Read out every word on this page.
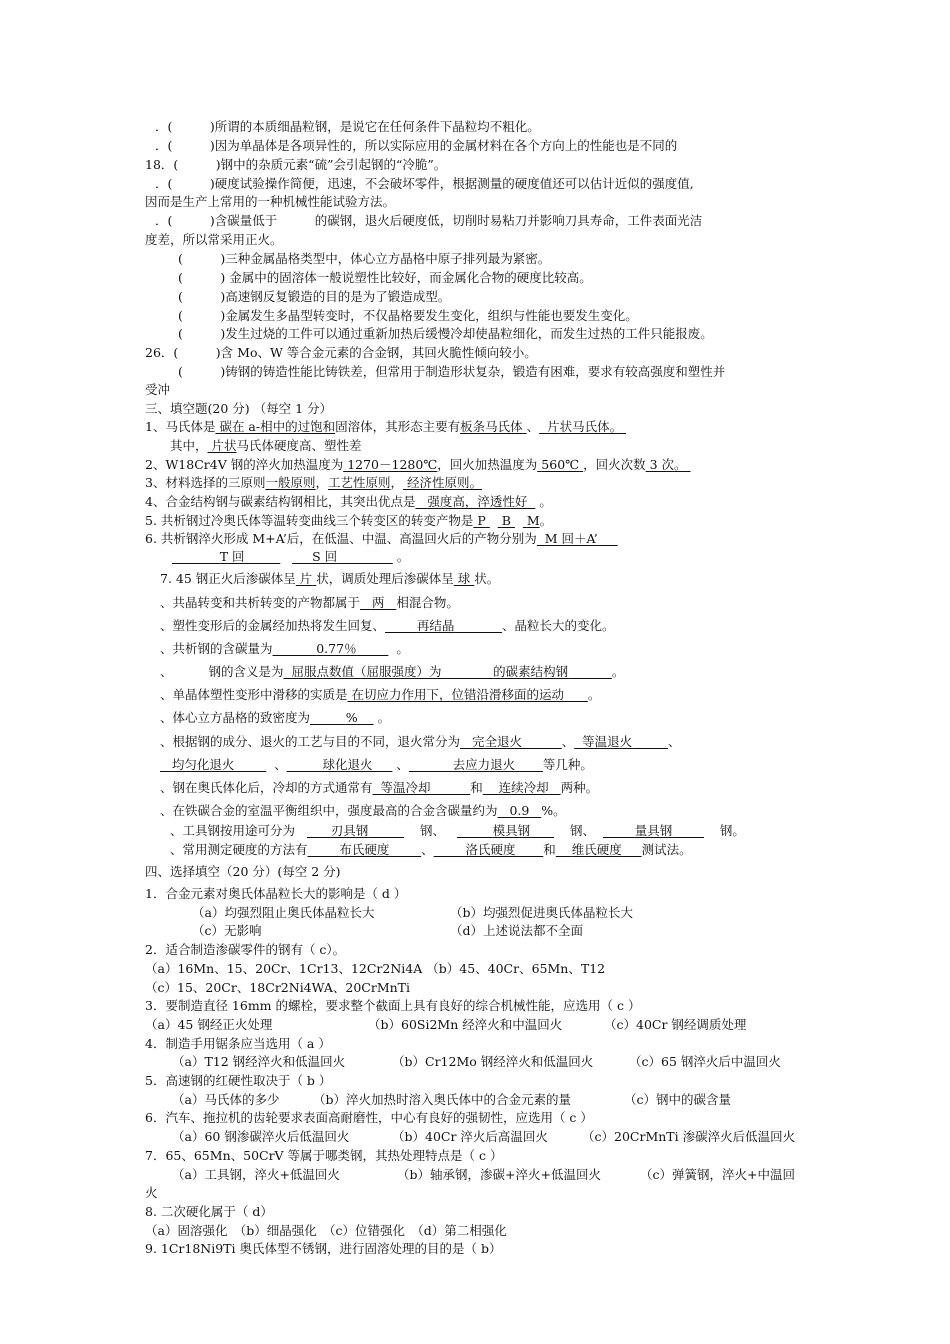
．(　　　)所谓的本质细晶粒钢，是说它在任何条件下晶粒均不粗化。
．(　　　)因为单晶体是各项异性的，所以实际应用的金属材料在各个方向上的性能也是不同的
18．(　　　)钢中的杂质元素“硫”会引起钢的“冷脆”。
．(　　　)硬度试验操作简便，迅速，不会破坏零件，根据测量的硬度值还可以估计近似的强度值,
因而是生产上常用的一种机械性能试验方法。
．(　　　)含碳量低于　　　的碳钢，退火后硬度低，切削时易粘刀并影响刀具寿命，工件表面光洁
度差，所以常采用正火。
(　　　)三种金属晶格类型中，体心立方晶格中原子排列最为紧密。
(　　　) 金属中的固溶体一般说塑性比较好，而金属化合物的硬度比较高。
(　　　)高速钢反复锻造的目的是为了锻造成型。
(　　　)金属发生多晶型转变时，不仅晶格要发生变化，组织与性能也要发生变化。
(　　　)发生过烧的工件可以通过重新加热后缓慢冷却使晶粒细化，而发生过热的工件只能报废。
26．(　　　)含 Mo、W 等合金元素的合金钢，其回火脆性倾向较小。
(　　　)铸钢的铸造性能比铸铁差，但常用于制造形状复杂，锻造有困难，要求有较高强度和塑性并
受冲
三、填空题(20 分) （每空 1 分）
1、马氏体是 碳在 a-相中的过饱和固溶体，其形态主要有板条马氏体 、 片状马氏体。
其中， 片状马氏体硬度高、塑性差
2、W18Cr4V 钢的淬火加热温度为 1270－1280℃，回火加热温度为 560℃ ，回火次数 3 次。
3、材料选择的三原则一般原则，工艺性原则， 经济性原则。
4、合金结构钢与碳素结构钢相比，其突出优点是 强度高，淬透性好 。
5. 共析钢过冷奥氏体等温转变曲线三个转变区的转变产物是 P B M。
6. 共析钢淬火形成 M+A’后，在低温、中温、高温回火后的产物分别为 M 回＋A’
T 回	S 回	。
7. 45 钢正火后渗碳体呈 片 状，调质处理后渗碳体呈 球 状。
、共晶转变和共析转变的产物都属于 两 相混合物。
、塑性变形后的金属经加热将发生回复、	再结晶	、晶粒长大的变化。
、共析钢的含碳量为	0.77％	。
、	钢的含义是为 屈服点数值（屈服强度）为	的碳素结构钢	。
、单晶体塑性变形中滑移的实质是 在切应力作用下，位错沿滑移面的运动 。
、体心立方晶格的致密度为	% 。
、根据钢的成分、退火的工艺与目的不同，退火常分为 完全退火	、 等温退火	、
均匀化退火	、	球化退火 、	去应力退火 等几种。
、钢在奥氏体化后，冷却的方式通常有 等温冷却	和 连续冷却 两种。
、在铁碳合金的室温平衡组织中，强度最高的合金含碳量约为 0.9 %。
、工具钢按用途可分为	刃具钢	钢、	模具钢	钢、	量具钢	钢。
、常用测定硬度的方法有	布氏硬度	、	洛氏硬度 和 维氏硬度 测试法。
四、选择填空（20 分）(每空 2 分)
1．合金元素对奥氏体晶粒长大的影响是（ d ）
（a）均强烈阻止奥氏体晶粒长大	（b）均强烈促进奥氏体晶粒长大
（c）无影响	（d）上述说法都不全面
2．适合制造渗碳零件的钢有（ c）。
（a）16Mn、15、20Cr、1Cr13、12Cr2Ni4A （b）45、40Cr、65Mn、T12
（c）15、20Cr、18Cr2Ni4WA、20CrMnTi
3．要制造直径 16mm 的螺栓，要求整个截面上具有良好的综合机械性能，应选用（ c ）
（a）45 钢经正火处理	（b）60Si2Mn 经淬火和中温回火	（c）40Cr 钢经调质处理
4．制造手用锯条应当选用（ a ）
（a）T12 钢经淬火和低温回火	（b）Cr12Mo 钢经淬火和低温回火	（c）65 钢淬火后中温回火
5．高速钢的红硬性取决于（ b ）
（a）马氏体的多少	（b）淬火加热时溶入奥氏体中的合金元素的量	（c）钢中的碳含量
6．汽车、拖拉机的齿轮要求表面高耐磨性，中心有良好的强韧性，应选用（ c ）
（a）60 钢渗碳淬火后低温回火	（b）40Cr 淬火后高温回火	（c）20CrMnTi 渗碳淬火后低温回火
7．65、65Mn、50CrV 等属于哪类钢，其热处理特点是（ c ）
（a）工具钢，淬火+低温回火	（b）轴承钢，渗碳+淬火+低温回火	（c）弹簧钢，淬火+中温回
火
8. 二次硬化属于（ d）
（a）固溶强化　（b）细晶强化　（c）位错强化　（d）第二相强化
9. 1Cr18Ni9Ti 奥氏体型不锈钢，进行固溶处理的目的是（ b）
